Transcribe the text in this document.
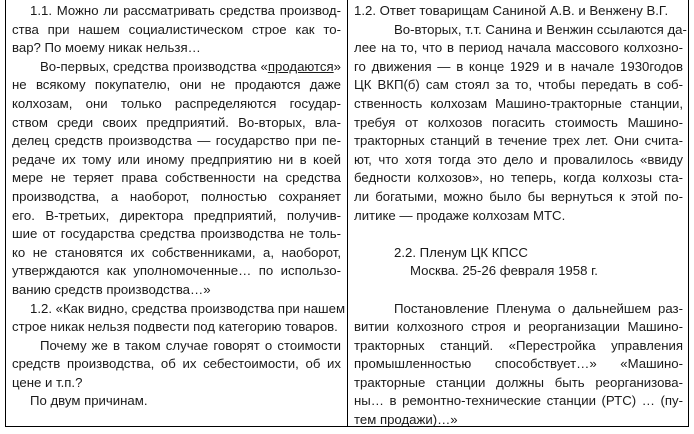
1.1. Можно ли рассматривать средства производ-
ства при нашем социалистическом строе как то-
вар? По моему никак нельзя…
Во-первых, средства производства «продаются»
не всякому покупателю, они не продаются даже
колхозам, они только распределяются государ-
ством среди своих предприятий. Во-вторых, вла-
делец средств производства — государство при пе-
редаче их тому или иному предприятию ни в коей
мере не теряет права собственности на средства
производства, а наоборот, полностью сохраняет
его. В-третьих, директора предприятий, получив-
шие от государства средства производства не толь-
ко не становятся их собственниками, а, наоборот,
утверждаются как уполномоченные… по использо-
ванию средств производства…»
1.2. «Как видно, средства производства при нашем
строе никак нельзя подвести под категорию товаров.
Почему же в таком случае говорят о стоимости
средств производства, об их себестоимости, об их
цене и т.п.?
По двум причинам.
1.2. Ответ товарищам Саниной А.В. и Венжену В.Г.
Во-вторых, т.т. Санина и Венжин ссылаются да-
лее на то, что в период начала массового колхозно-
го движения — в конце 1929 и в начале 1930годов
ЦК ВКП(б) сам стоял за то, чтобы передать в соб-
ственность колхозам Машино-тракторные станции,
требуя от колхозов погасить стоимость Машино-
тракторных станций в течение трех лет. Они счита-
ют, что хотя тогда это дело и провалилось «ввиду
бедности колхозов», но теперь, когда колхозы ста-
ли богатыми, можно было бы вернуться к этой по-
литике — продаже колхозам МТС.
2.2. Пленум ЦК КПСС
Москва. 25-26 февраля 1958 г.
Постановление Пленума о дальнейшем раз-
витии колхозного строя и реорганизации Машино-
тракторных станций. «Перестройка управления
промышленностью способствует…» «Машино-
тракторные станции должны быть реорганизова-
ны… в ремонтно-технические станции (РТС) … (пу-
тем продажи)…»
